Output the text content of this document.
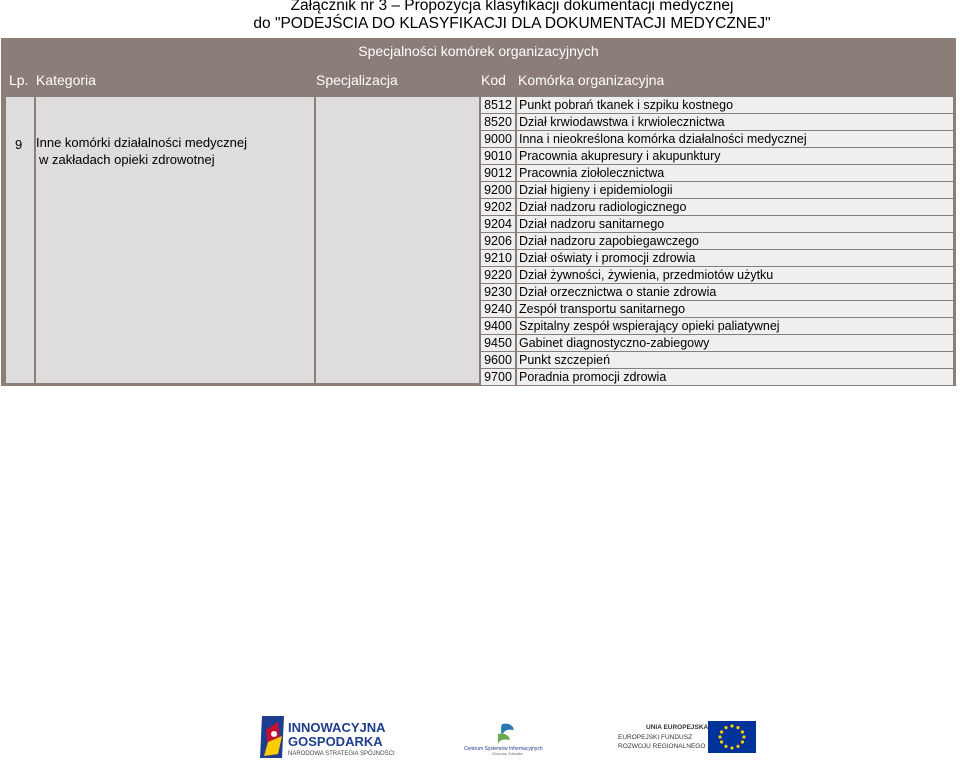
Załącznik nr 3 – Propozycja klasyfikacji dokumentacji medycznej
do "PODEJŚCIA DO KLASYFIKACJI DLA DOKUMENTACJI MEDYCZNEJ"
Specjalności komórek organizacyjnych
Lp. Kategoria	Specjalizacja	Kod Komórka organizacyjna
9 Inne komórki działalności medycznej
w zakładach opieki zdrowotnej
8512 Punkt pobrań tkanek i szpiku kostnego
8520 Dział krwiodawstwa i krwiolecznictwa
9000 Inna i nieokreślona komórka działalności medycznej
9010 Pracownia akupresury i akupunktury
9012 Pracownia ziołolecznictwa
9200 Dział higieny i epidemiologii
9202 Dział nadzoru radiologicznego
9204 Dział nadzoru sanitarnego
9206 Dział nadzoru zapobiegawczego
9210 Dział oświaty i promocji zdrowia
9220 Dział żywności, żywienia, przedmiotów użytku
9230 Dział orzecznictwa o stanie zdrowia
9240 Zespół transportu sanitarnego
9400 Szpitalny zespół wspierający opieki paliatywnej
9450 Gabinet diagnostyczno-zabiegowy
9600 Punkt szczepień
9700 Poradnia promocji zdrowia
INNOWACYJNA
GOSPODARKA
NARODOWA STRATEGIA SPÓJNOŚCI
Centrum Systemów Informacyjnych
Ochrony Zdrowia
UNIA EUROPEJSKA
EUROPEJSKI FUNDUSZ
ROZWOJU REGIONALNEGO
